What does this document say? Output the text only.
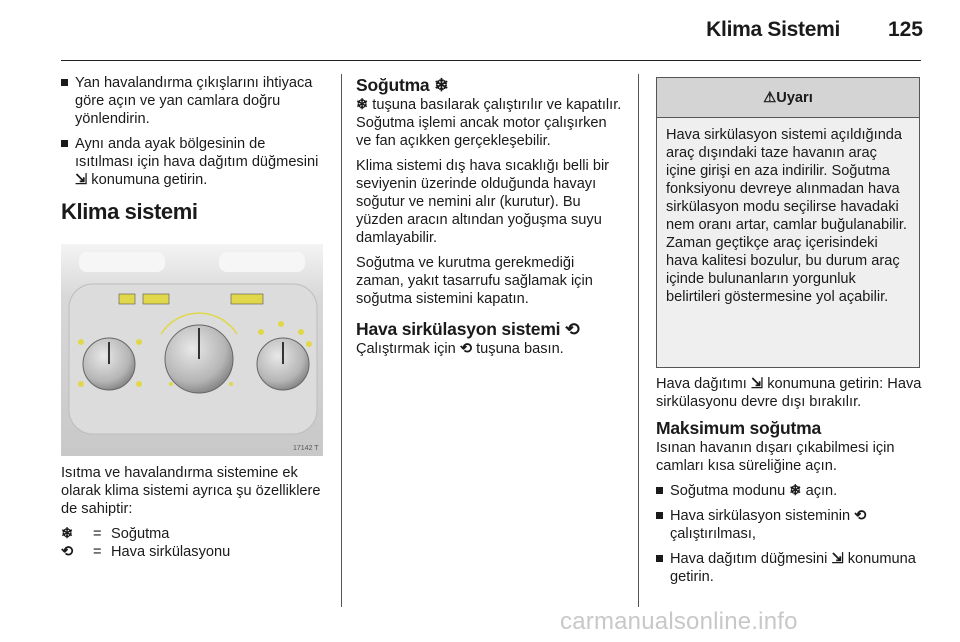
Klima Sistemi 125
Yan havalandırma çıkışlarını ihtiyaca göre açın ve yan camlara doğru yönlendirin.
Aynı anda ayak bölgesinin de ısıtılması için hava dağıtım düğmesini ⇲ konumuna getirin.
Klima sistemi
17142 T
Isıtma ve havalandırma sistemine ek olarak klima sistemi ayrıca şu özelliklere de sahiptir:
❄	= Soğutma
⟲	= Hava sirkülasyonu
Soğutma ❄
❄ tuşuna basılarak çalıştırılır ve kapatılır. Soğutma işlemi ancak motor çalışırken ve fan açıkken gerçekleşebilir.
Klima sistemi dış hava sıcaklığı belli bir seviyenin üzerinde olduğunda havayı soğutur ve nemini alır (kurutur). Bu yüzden aracın altından yoğuşma suyu damlayabilir.
Soğutma ve kurutma gerekmediği zaman, yakıt tasarrufu sağlamak için soğutma sistemini kapatın.
Hava sirkülasyon sistemi ⟲
Çalıştırmak için ⟲ tuşuna basın.
⚠ Uyarı
Hava sirkülasyon sistemi açıldığında araç dışındaki taze havanın araç içine girişi en aza indirilir. Soğutma fonksiyonu devreye alınmadan hava sirkülasyon modu seçilirse havadaki nem oranı artar, camlar buğulanabilir. Zaman geçtikçe araç içerisindeki hava kalitesi bozulur, bu durum araç içinde bulunanların yorgunluk belirtileri göstermesine yol açabilir.
Hava dağıtımı ⇲ konumuna getirin: Hava sirkülasyonu devre dışı bırakılır.
Maksimum soğutma
Isınan havanın dışarı çıkabilmesi için camları kısa süreliğine açın.
Soğutma modunu ❄ açın.
Hava sirkülasyon sisteminin ⟲ çalıştırılması,
Hava dağıtım düğmesini ⇲ konumuna getirin.
carmanualsonline.info
